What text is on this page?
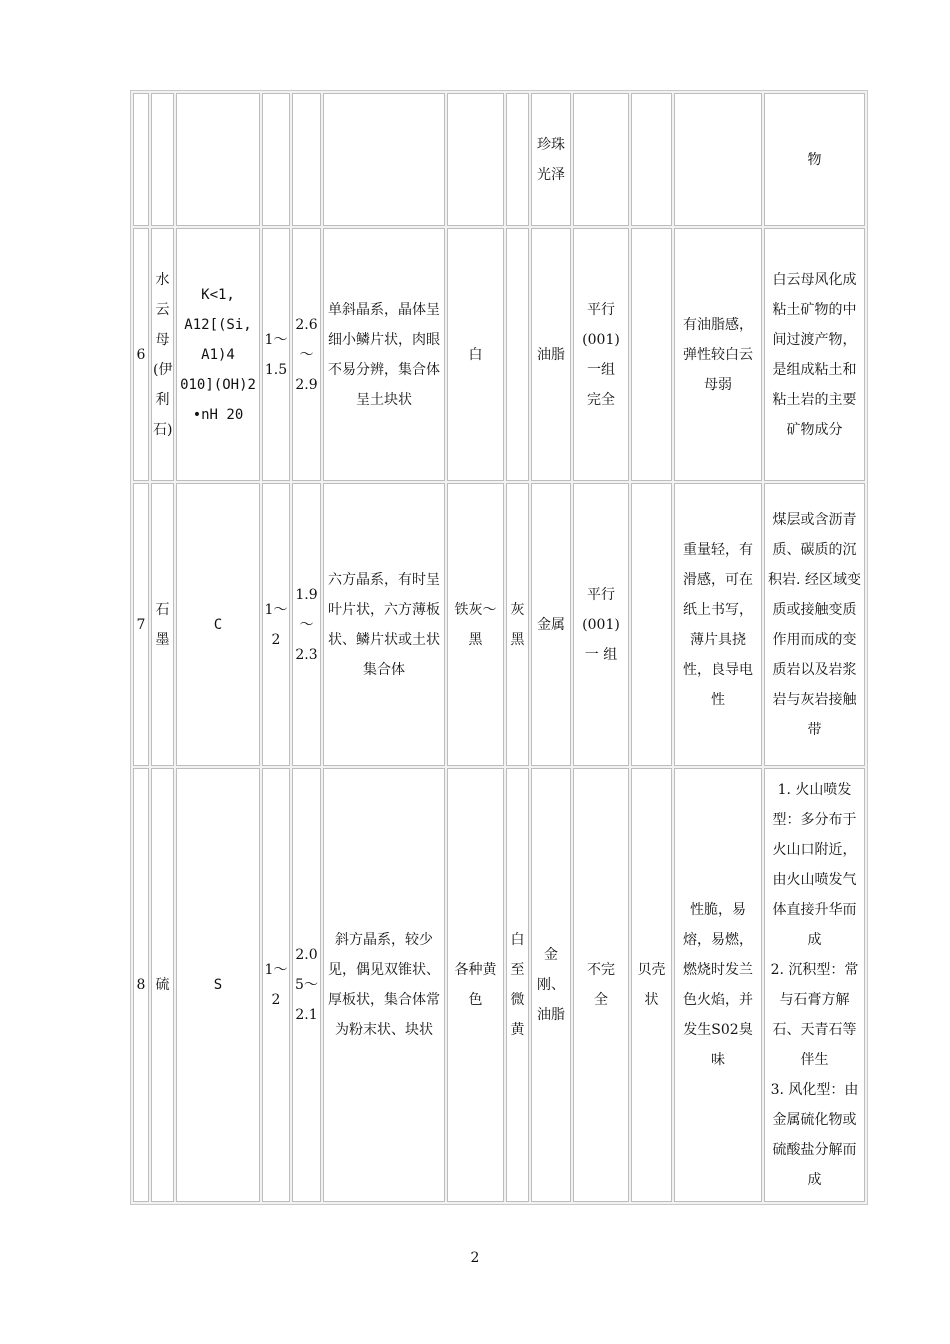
								珍珠光泽				物
6	水云母(伊利石)	K<1,
A12[(Si,
A1)4
010](OH)2
•nH 20	1～
1.5	2.6
～
2.9	单斜晶系，晶体呈细小鳞片状，肉眼不易分辨，集合体呈土块状	白		油脂	平行
(001)
一组
完全		有油脂感，弹性较白云母弱	白云母风化成粘土矿物的中间过渡产物，是组成粘土和粘土岩的主要矿物成分
7	石墨	C	1～
2	1.9
～
2.3	六方晶系，有时呈叶片状，六方薄板状、鳞片状或土状集合体	铁灰～黑	灰黑	金属	平行
(001)
一 组		重量轻，有滑感，可在纸上书写，薄片具挠性，良导电性	煤层或含沥青质、碳质的沉积岩. 经区域变质或接触变质作用而成的变质岩以及岩浆岩与灰岩接触带
8	硫	S	1～
2	2.0
5～
2.1	斜方晶系，较少见，偶见双锥状、厚板状，集合体常为粉末状、块状	各种黄色	白至微黄	金刚、油脂	不完
全	贝壳状	性脆，易熔，易燃，燃烧时发兰色火焰，并发生S02臭味	1. 火山喷发型：多分布于火山口附近，由火山喷发气体直接升华而成
2. 沉积型：常与石膏方解石、天青石等伴生
3. 风化型：由金属硫化物或硫酸盐分解而成
2
